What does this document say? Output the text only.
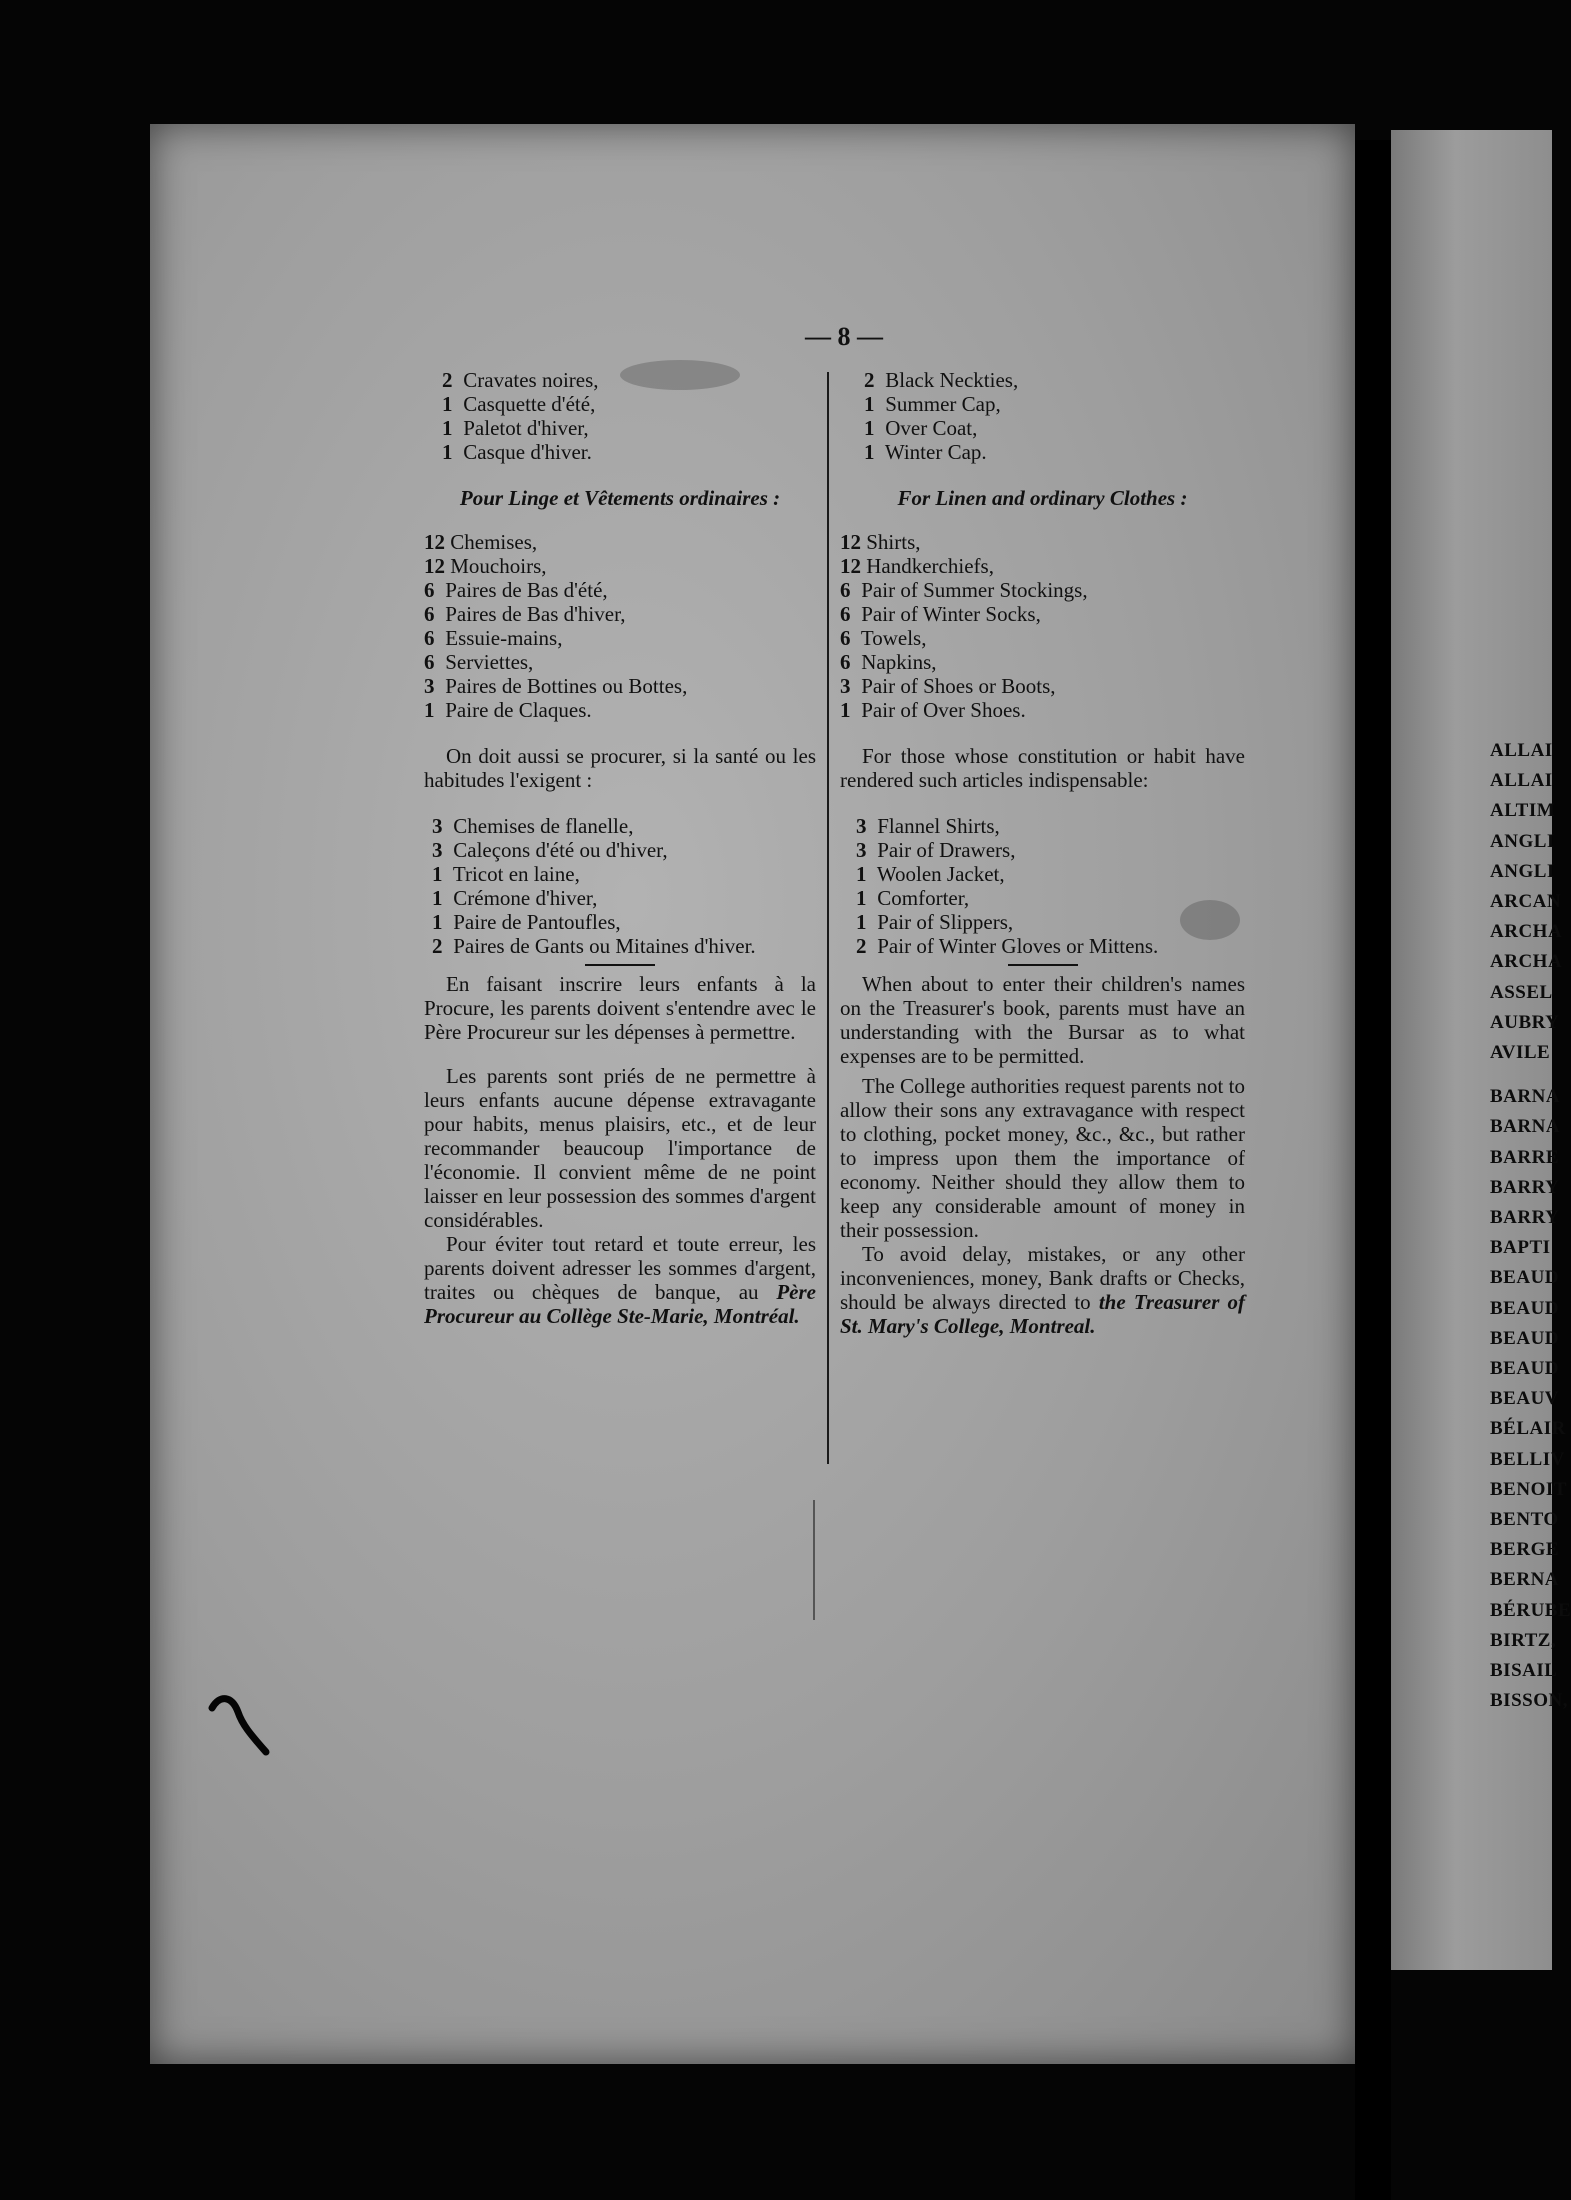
— 8 —
2 Cravates noires,
1 Casquette d'été,
1 Paletot d'hiver,
1 Casque d'hiver.
Pour Linge et Vêtements ordinaires :
12 Chemises,
12 Mouchoirs,
6 Paires de Bas d'été,
6 Paires de Bas d'hiver,
6 Essuie-mains,
6 Serviettes,
3 Paires de Bottines ou Bottes,
1 Paire de Claques.
On doit aussi se procurer, si la santé ou les habitudes l'exigent :
3 Chemises de flanelle,
3 Caleçons d'été ou d'hiver,
1 Tricot en laine,
1 Crémone d'hiver,
1 Paire de Pantoufles,
2 Paires de Gants ou Mitaines d'hiver.
En faisant inscrire leurs enfants à la Procure, les parents doivent s'entendre avec le Père Procureur sur les dépenses à permettre.
Les parents sont priés de ne permettre à leurs enfants aucune dépense extravagante pour habits, menus plaisirs, etc., et de leur recommander beaucoup l'importance de l'économie. Il convient même de ne point laisser en leur possession des sommes d'argent considérables.
Pour éviter tout retard et toute erreur, les parents doivent adresser les sommes d'argent, traites ou chèques de banque, au Père Procureur au Collège Ste-Marie, Montréal.
2 Black Neckties,
1 Summer Cap,
1 Over Coat,
1 Winter Cap.
For Linen and ordinary Clothes :
12 Shirts,
12 Handkerchiefs,
6 Pair of Summer Stockings,
6 Pair of Winter Socks,
6 Towels,
6 Napkins,
3 Pair of Shoes or Boots,
1 Pair of Over Shoes.
For those whose constitution or habit have rendered such articles indispensable:
3 Flannel Shirts,
3 Pair of Drawers,
1 Woolen Jacket,
1 Comforter,
1 Pair of Slippers,
2 Pair of Winter Gloves or Mittens.
When about to enter their children's names on the Treasurer's book, parents must have an understanding with the Bursar as to what expenses are to be permitted.
The College authorities request parents not to allow their sons any extravagance with respect to clothing, pocket money, &c., &c., but rather to impress upon them the importance of economy. Neither should they allow them to keep any considerable amount of money in their possession.
To avoid delay, mistakes, or any other inconveniences, money, Bank drafts or Checks, should be always directed to the Treasurer of St. Mary's College, Montreal.
ALLAI
ALLAI
ALTIM
ANGLI
ANGLI
ARCAN
ARCHA
ARCHA
ASSEL
AUBRY
AVILE
BARNA
BARNA
BARRE
BARRY
BARRY
BAPTI
BEAUD
BEAUD
BEAUD
BEAUD
BEAUV
BÉLAIR
BELLIV
BENOIT
BENTO
BERGE
BERNA
BÉRUBE
BIRTZ,
BISAIL
BISSON,
